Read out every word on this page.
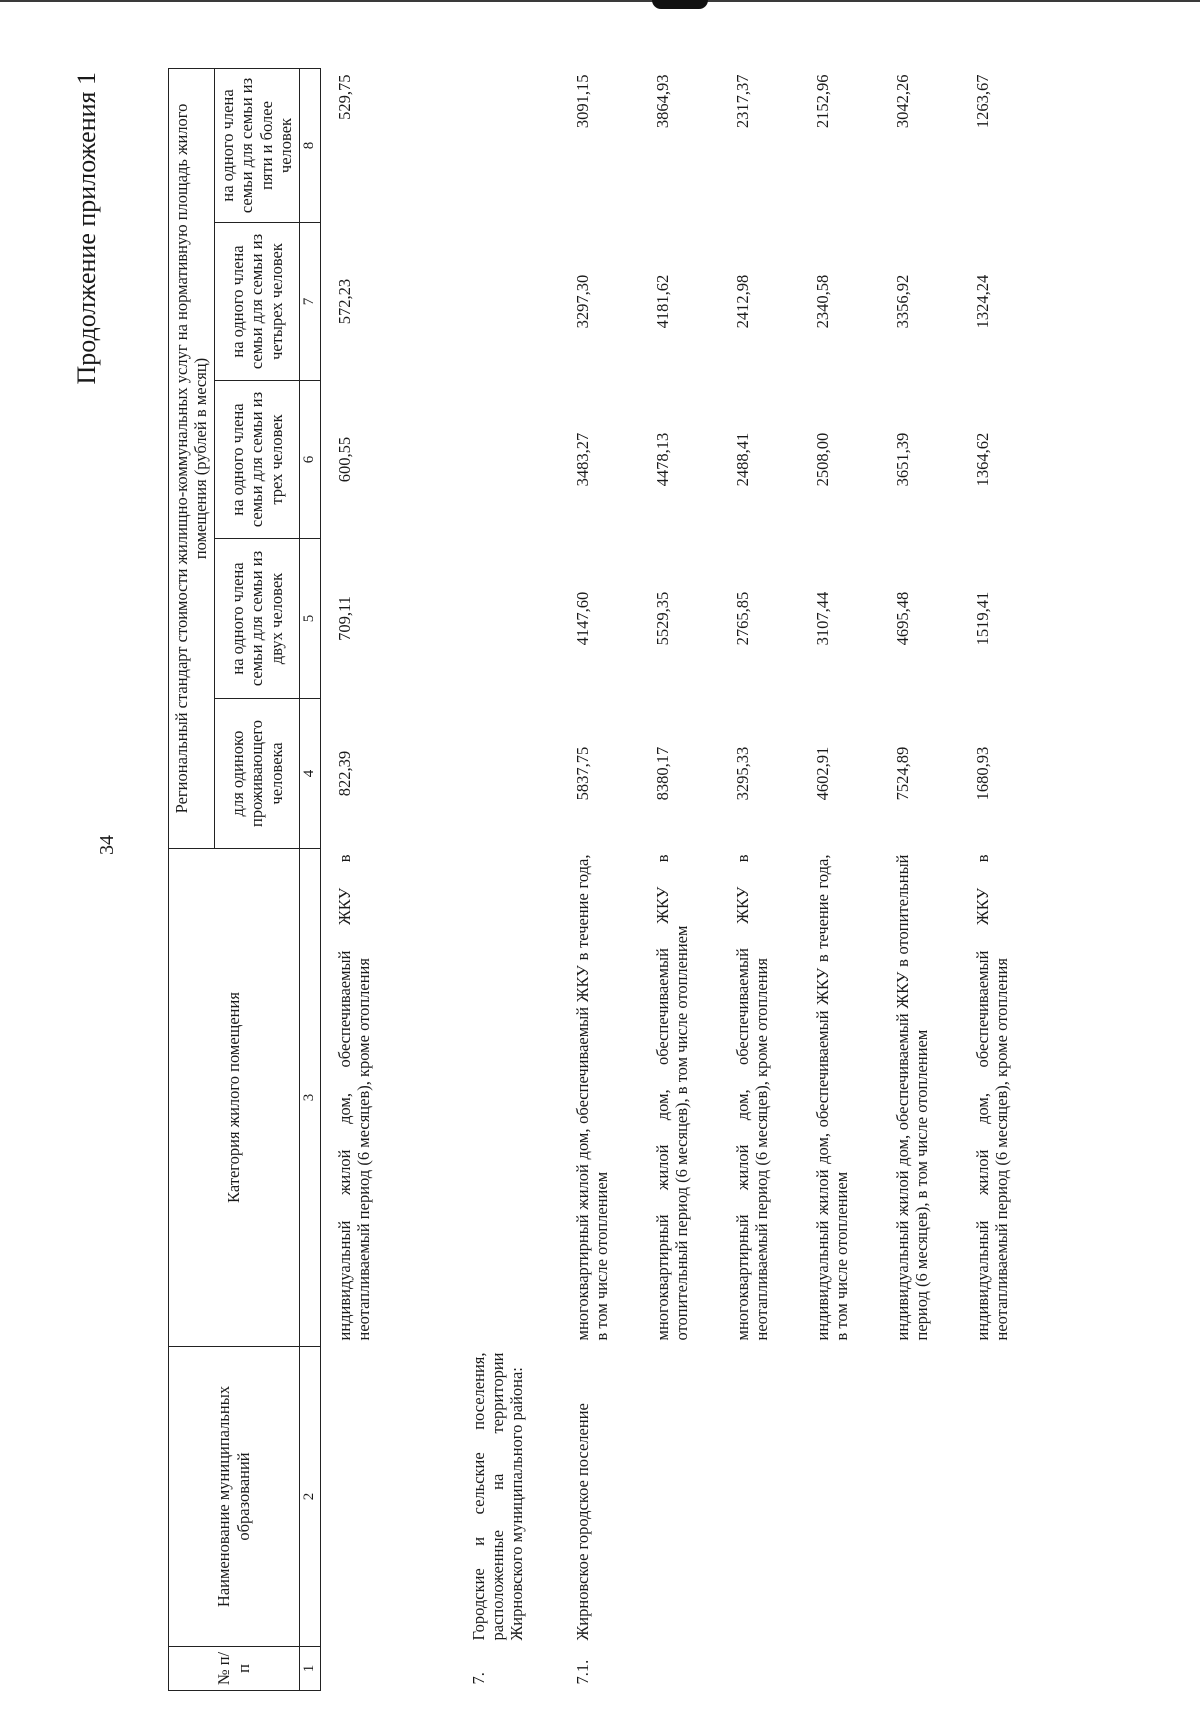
34
Продолжение приложения 1
№ п/п	Наименование муниципальных образований	Категория жилого помещения	Региональный стандарт стоимости жилищно-коммунальных услуг на нормативную площадь жилого помещения (рублей в месяц)				
			для одиноко проживающего человека	на одного члена семьи для семьи из двух человек	на одного члена семьи для семьи из трех человек	на одного члена семьи для семьи из четырех человек	на одного члена семьи для семьи из пяти и более человек
1	2	3	4	5	6	7	8
		индивидуальный жилой дом, обеспечиваемый ЖКУ в неотапливаемый период (6 месяцев), кроме отопления	822,39	709,11	600,55	572,23	529,75
7.	Городские и сельские поселения, расположенные на территории Жирновского муниципального района:						
7.1.	Жирновское городское поселение	многоквартирный жилой дом, обеспечиваемый ЖКУ в течение года, в том числе отоплением	5837,75	4147,60	3483,27	3297,30	3091,15
		многоквартирный жилой дом, обеспечиваемый ЖКУ в отопительный период (6 месяцев), в том числе отоплением	8380,17	5529,35	4478,13	4181,62	3864,93
		многоквартирный жилой дом, обеспечиваемый ЖКУ в неотапливаемый период (6 месяцев), кроме отопления	3295,33	2765,85	2488,41	2412,98	2317,37
		индивидуальный жилой дом, обеспечиваемый ЖКУ в течение года, в том числе отоплением	4602,91	3107,44	2508,00	2340,58	2152,96
		индивидуальный жилой дом, обеспечиваемый ЖКУ в отопительный период (6 месяцев), в том числе отоплением	7524,89	4695,48	3651,39	3356,92	3042,26
		индивидуальный жилой дом, обеспечиваемый ЖКУ в неотапливаемый период (6 месяцев), кроме отопления	1680,93	1519,41	1364,62	1324,24	1263,67
